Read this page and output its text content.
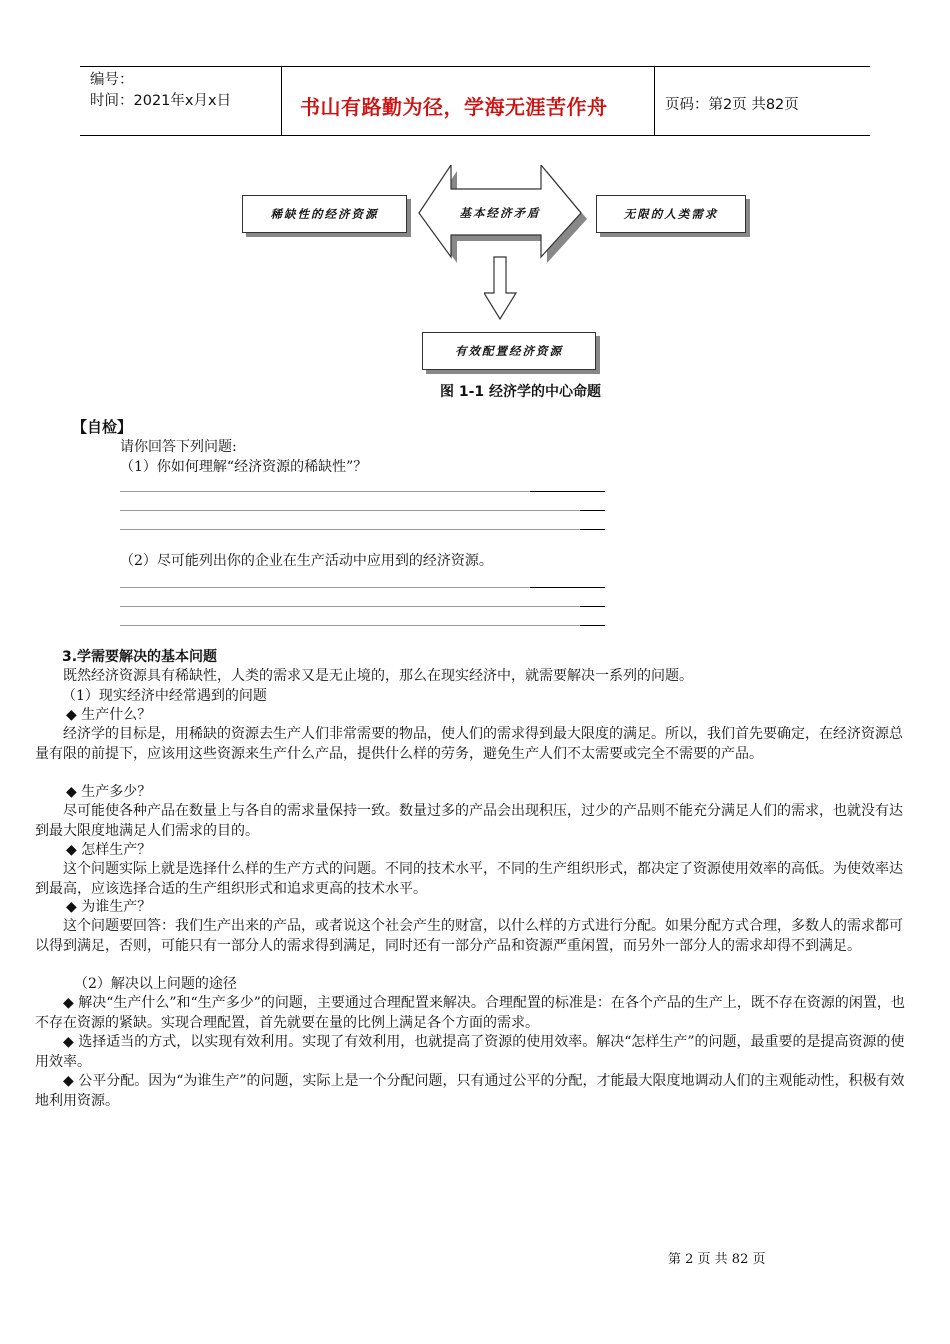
编号：
时间：2021年x月x日	书山有路勤为径，学海无涯苦作舟	页码：第2页 共82页
稀缺性的经济资源	无限的人类需求
基本经济矛盾
有效配置经济资源
图 1-1 经济学的中心命题
【自检】
请你回答下列问题:
（1）你如何理解“经济资源的稀缺性”？
（2）尽可能列出你的企业在生产活动中应用到的经济资源。
3.学需要解决的基本问题
既然经济资源具有稀缺性，人类的需求又是无止境的，那么在现实经济中，就需要解决一系列的问题。
（1）现实经济中经常遇到的问题
◆ 生产什么？
经济学的目标是，用稀缺的资源去生产人们非常需要的物品，使人们的需求得到最大限度的满足。所以，我们首先要确定，在经济资源总量有限的前提下，应该用这些资源来生产什么产品，提供什么样的劳务，避免生产人们不太需要或完全不需要的产品。
◆ 生产多少？
尽可能使各种产品在数量上与各自的需求量保持一致。数量过多的产品会出现积压，过少的产品则不能充分满足人们的需求，也就没有达到最大限度地满足人们需求的目的。
◆ 怎样生产？
这个问题实际上就是选择什么样的生产方式的问题。不同的技术水平，不同的生产组织形式，都决定了资源使用效率的高低。为使效率达到最高，应该选择合适的生产组织形式和追求更高的技术水平。
◆ 为谁生产？
这个问题要回答：我们生产出来的产品，或者说这个社会产生的财富，以什么样的方式进行分配。如果分配方式合理，多数人的需求都可以得到满足，否则，可能只有一部分人的需求得到满足，同时还有一部分产品和资源严重闲置，而另外一部分人的需求却得不到满足。
（2）解决以上问题的途径
◆ 解决“生产什么”和“生产多少”的问题，主要通过合理配置来解决。合理配置的标准是：在各个产品的生产上，既不存在资源的闲置，也不存在资源的紧缺。实现合理配置，首先就要在量的比例上满足各个方面的需求。
◆ 选择适当的方式，以实现有效利用。实现了有效利用，也就提高了资源的使用效率。解决“怎样生产”的问题，最重要的是提高资源的使用效率。
◆ 公平分配。因为“为谁生产”的问题，实际上是一个分配问题，只有通过公平的分配，才能最大限度地调动人们的主观能动性，积极有效地利用资源。
第 2 页 共 82 页
